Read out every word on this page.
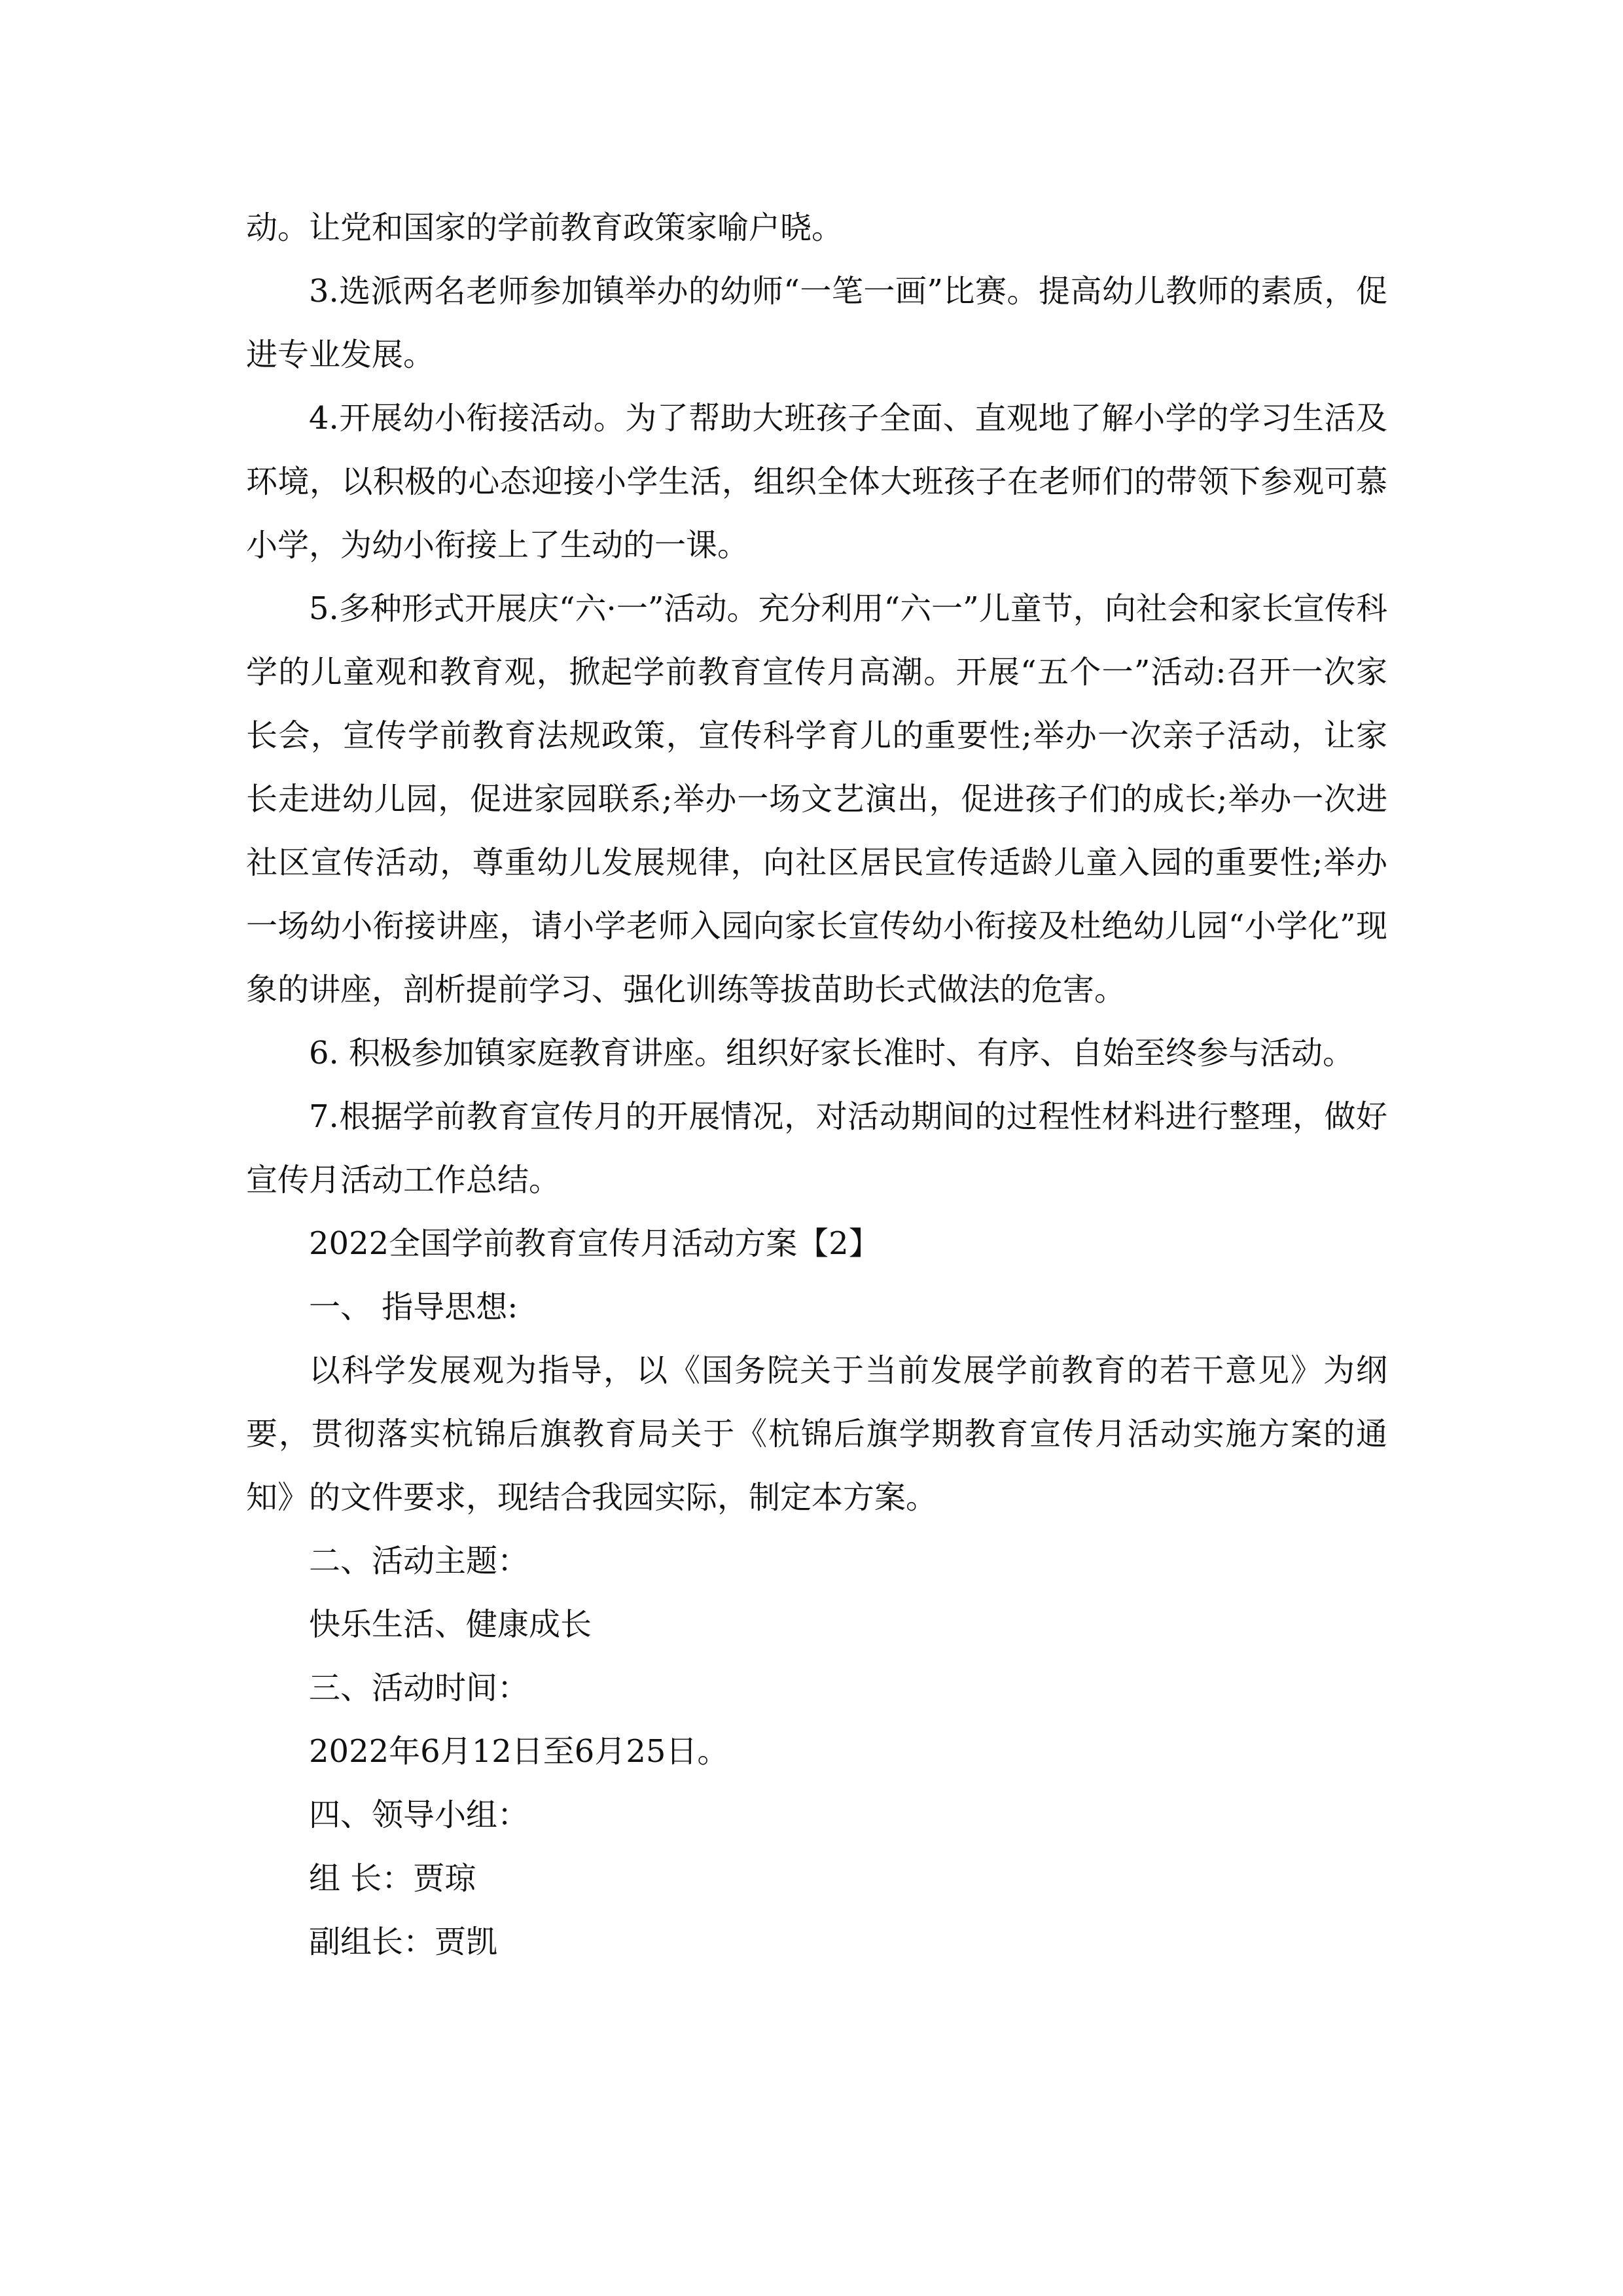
动。让党和国家的学前教育政策家喻户晓。

3.选派两名老师参加镇举办的幼师“一笔一画”比赛。提高幼儿教师的素质，促进专业发展。

4.开展幼小衔接活动。为了帮助大班孩子全面、直观地了解小学的学习生活及环境，以积极的心态迎接小学生活，组织全体大班孩子在老师们的带领下参观可慕小学，为幼小衔接上了生动的一课。

5.多种形式开展庆“六·一”活动。充分利用“六一”儿童节，向社会和家长宣传科学的儿童观和教育观，掀起学前教育宣传月高潮。开展“五个一”活动:召开一次家长会，宣传学前教育法规政策，宣传科学育儿的重要性;举办一次亲子活动，让家长走进幼儿园，促进家园联系;举办一场文艺演出，促进孩子们的成长;举办一次进社区宣传活动，尊重幼儿发展规律，向社区居民宣传适龄儿童入园的重要性;举办一场幼小衔接讲座，请小学老师入园向家长宣传幼小衔接及杜绝幼儿园“小学化”现象的讲座，剖析提前学习、强化训练等拔苗助长式做法的危害。

6. 积极参加镇家庭教育讲座。组织好家长准时、有序、自始至终参与活动。

7.根据学前教育宣传月的开展情况，对活动期间的过程性材料进行整理，做好宣传月活动工作总结。

2022全国学前教育宣传月活动方案【2】

一、 指导思想:

以科学发展观为指导，以《国务院关于当前发展学前教育的若干意见》为纲要，贯彻落实杭锦后旗教育局关于《杭锦后旗学期教育宣传月活动实施方案的通知》的文件要求，现结合我园实际，制定本方案。

二、活动主题：

快乐生活、健康成长

三、活动时间：

2022年6月12日至6月25日。

四、领导小组：

组 长：贾琼

副组长：贾凯
